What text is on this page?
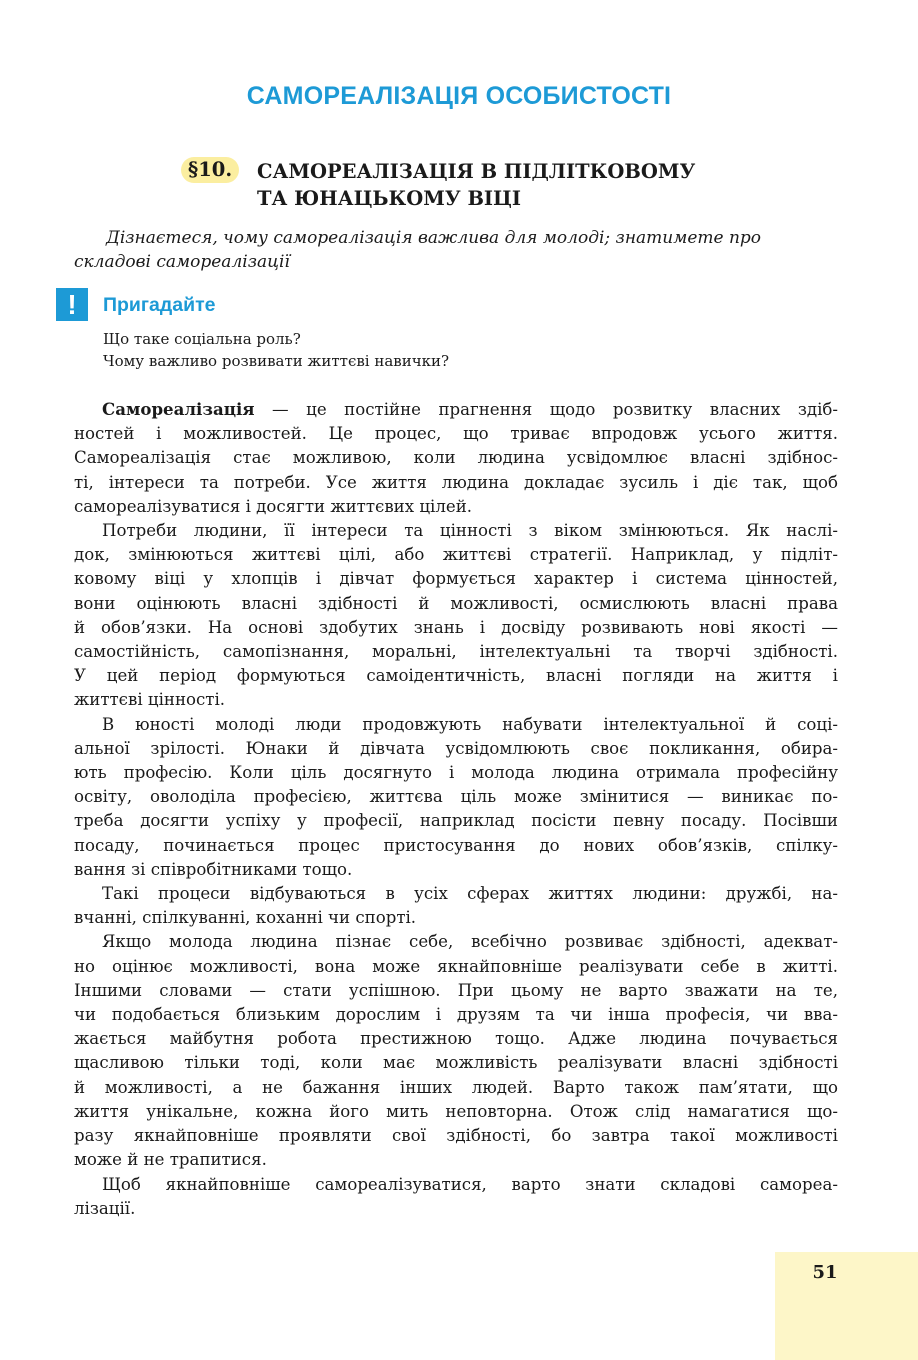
САМОРЕАЛІЗАЦІЯ ОСОБИСТОСТІ
§10.	САМОРЕАЛІЗАЦІЯ В ПІДЛІТКОВОМУ
ТА ЮНАЦЬКОМУ ВІЦІ
Дізнаєтеся, чому самореалізація важлива для молоді; знатимете про
складові самореалізації
!	Пригадайте
Що таке соціальна роль?
Чому важливо розвивати життєві навички?
Самореалізація — це постійне прагнення щодо розвитку власних здіб-
ностей і можливостей. Це процес, що триває впродовж усього життя.
Самореалізація стає можливою, коли людина усвідомлює власні здібнос-
ті, інтереси та потреби. Усе життя людина докладає зусиль і діє так, щоб
самореалізуватися і досягти життєвих цілей.
Потреби людини, її інтереси та цінності з віком змінюються. Як наслі-
док, змінюються життєві цілі, або життєві стратегії. Наприклад, у підліт-
ковому віці у хлопців і дівчат формується характер і система цінностей,
вони оцінюють власні здібності й можливості, осмислюють власні права
й обов’язки. На основі здобутих знань і досвіду розвивають нові якості —
самостійність, самопізнання, моральні, інтелектуальні та творчі здібності.
У цей період формуються самоідентичність, власні погляди на життя і
життєві цінності.
В юності молоді люди продовжують набувати інтелектуальної й соці-
альної зрілості. Юнаки й дівчата усвідомлюють своє покликання, обира-
ють професію. Коли ціль досягнуто і молода людина отримала професійну
освіту, оволоділа професією, життєва ціль може змінитися — виникає по-
треба досягти успіху у професії, наприклад посісти певну посаду. Посівши
посаду, починається процес пристосування до нових обов’язків, спілку-
вання зі співробітниками тощо.
Такі процеси відбуваються в усіх сферах життях людини: дружбі, на-
вчанні, спілкуванні, коханні чи спорті.
Якщо молода людина пізнає себе, всебічно розвиває здібності, адекват-
но оцінює можливості, вона може якнайповніше реалізувати себе в житті.
Іншими словами — стати успішною. При цьому не варто зважати на те,
чи подобається близьким дорослим і друзям та чи інша професія, чи вва-
жається майбутня робота престижною тощо. Адже людина почувається
щасливою тільки тоді, коли має можливість реалізувати власні здібності
й можливості, а не бажання інших людей. Варто також пам’ятати, що
життя унікальне, кожна його мить неповторна. Отож слід намагатися що-
разу якнайповніше проявляти свої здібності, бо завтра такої можливості
може й не трапитися.
Щоб якнайповніше самореалізуватися, варто знати складові самореа-
лізації.
51
